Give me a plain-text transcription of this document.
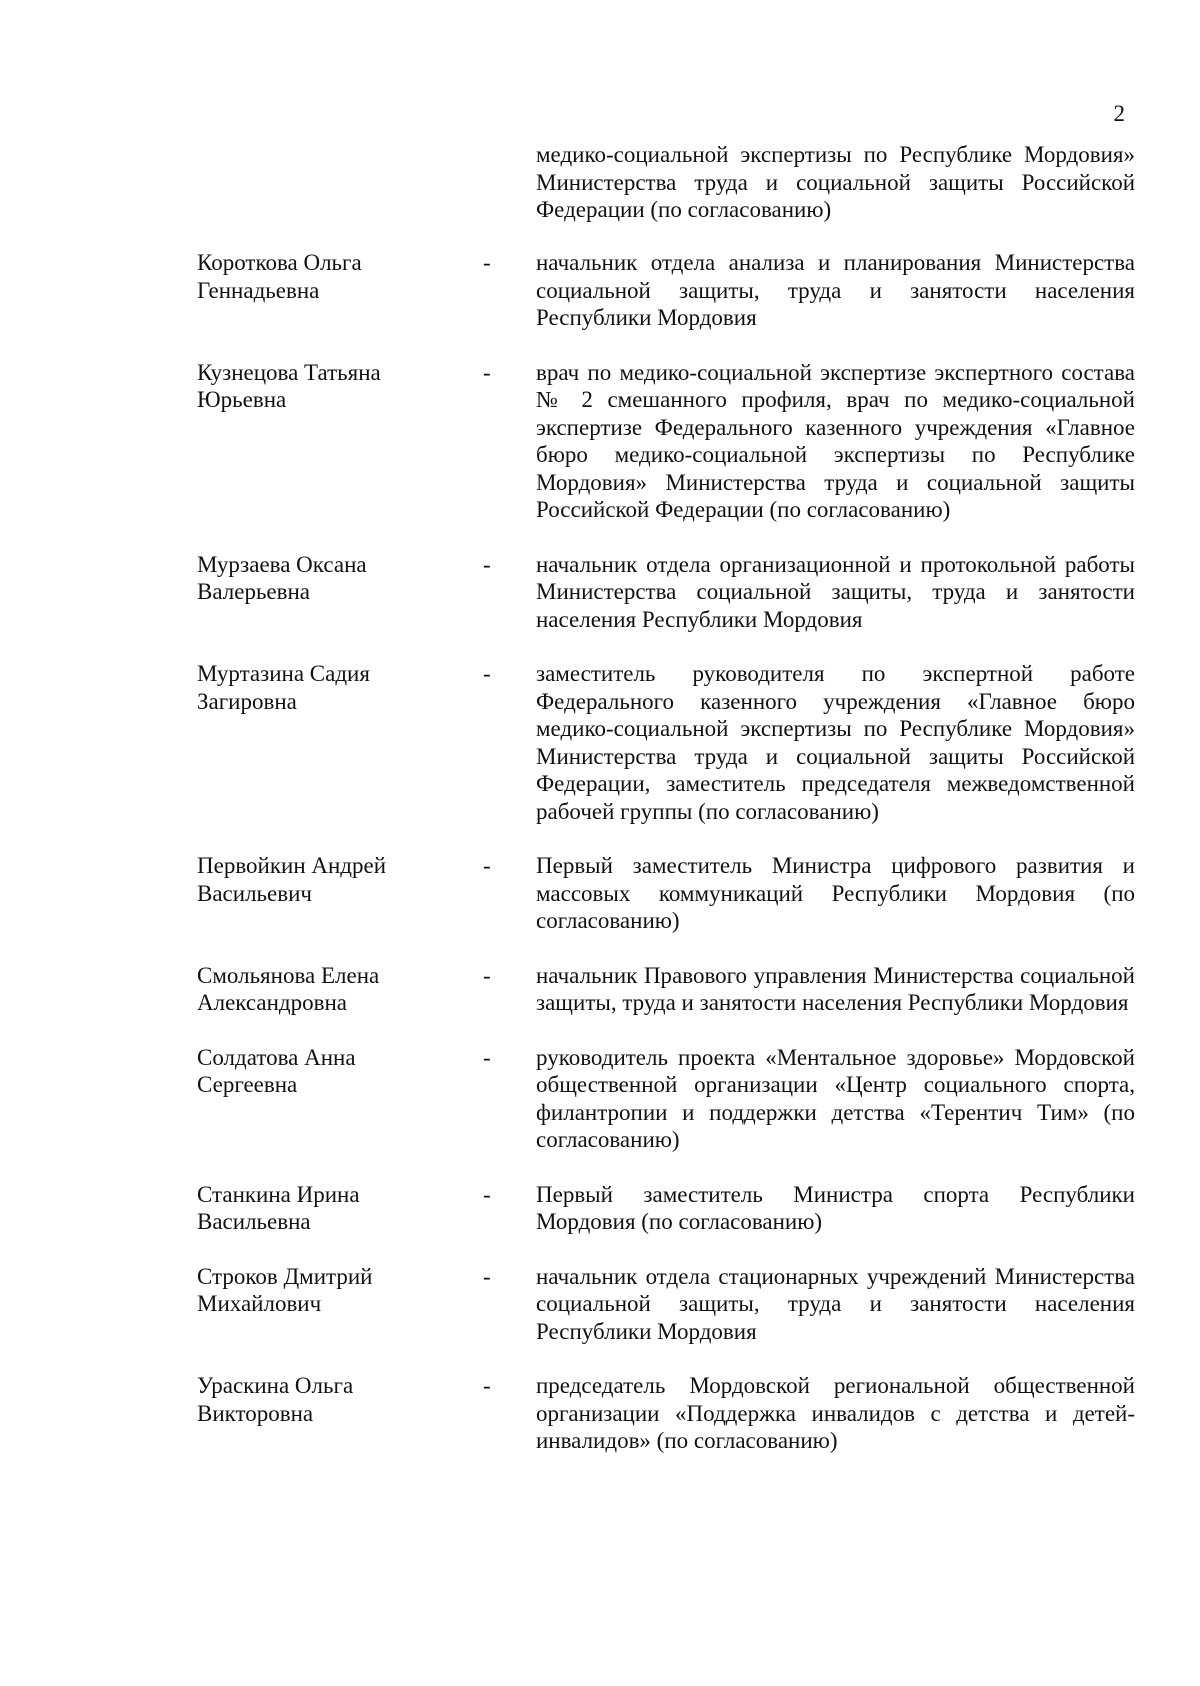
2
медико-социальной экспертизы по Республике Мордовия» Министерства труда и социальной защиты Российской Федерации (по согласованию)
Короткова Ольга
Геннадьевна
- начальник отдела анализа и планирования Министерства социальной защиты, труда и занятости населения Республики Мордовия
Кузнецова Татьяна
Юрьевна
- врач по медико-социальной экспертизе экспертного состава № 2 смешанного профиля, врач по медико-социальной экспертизе Федерального казенного учреждения «Главное бюро медико-социальной экспертизы по Республике Мордовия» Министерства труда и социальной защиты Российской Федерации (по согласованию)
Мурзаева Оксана
Валерьевна
- начальник отдела организационной и протокольной работы Министерства социальной защиты, труда и занятости населения Республики Мордовия
Муртазина Садия
Загировна
- заместитель руководителя по экспертной работе Федерального казенного учреждения «Главное бюро медико-социальной экспертизы по Республике Мордовия» Министерства труда и социальной защиты Российской Федерации, заместитель председателя межведомственной рабочей группы (по согласованию)
Первойкин Андрей
Васильевич
- Первый заместитель Министра цифрового развития и массовых коммуникаций Республики Мордовия (по согласованию)
Смольянова Елена
Александровна
- начальник Правового управления Министерства социальной защиты, труда и занятости населения Республики Мордовия
Солдатова Анна
Сергеевна
- руководитель проекта «Ментальное здоровье» Мордовской общественной организации «Центр социального спорта, филантропии и поддержки детства «Терентич Тим» (по согласованию)
Станкина Ирина
Васильевна
- Первый заместитель Министра спорта Республики Мордовия (по согласованию)
Строков Дмитрий
Михайлович
- начальник отдела стационарных учреждений Министерства социальной защиты, труда и занятости населения Республики Мордовия
Ураскина Ольга
Викторовна
- председатель Мордовской региональной общественной организации «Поддержка инвалидов с детства и детей-инвалидов» (по согласованию)
